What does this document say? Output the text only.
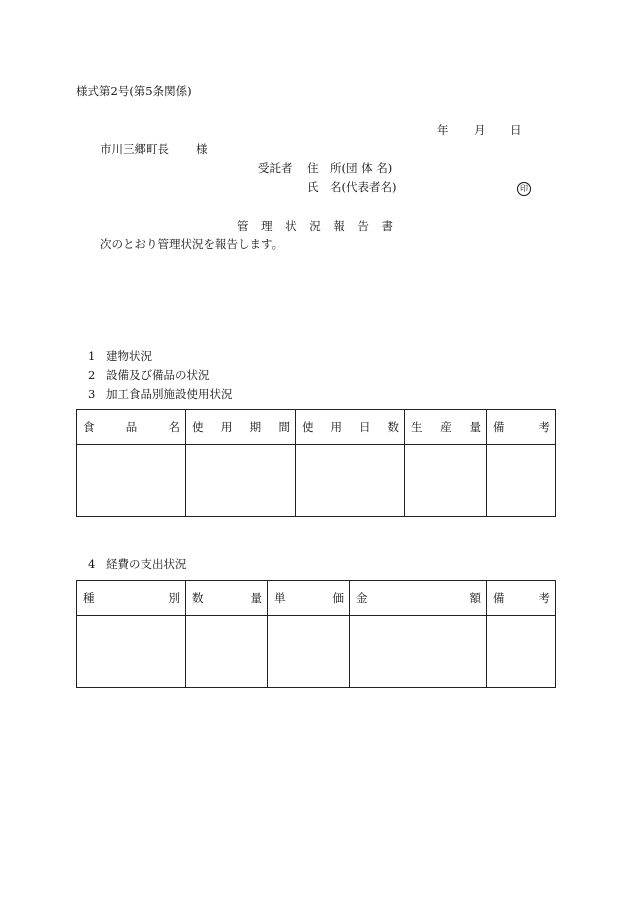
様式第2号(第5条関係)
年 月 日
市川三郷町長 様
受託者 住　所(団 体 名)
氏　名(代表者名)	印
管 理 状 況 報 告 書
次のとおり管理状況を報告します。
1 建物状況
2 設備及び備品の状況
3 加工食品別施設使用状況
食 品 名	使 用 期 間	使 用 日 数	生 産 量	備 考

4 経費の支出状況
種 別	数 量	単 価	金 額	備 考
